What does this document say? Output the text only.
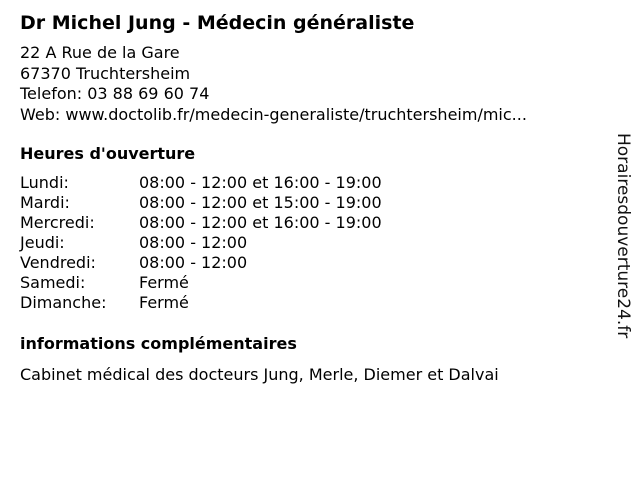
Dr Michel Jung - Médecin généraliste
22 A Rue de la Gare
67370 Truchtersheim
Telefon: 03 88 69 60 74
Web: www.doctolib.fr/medecin-generaliste/truchtersheim/mic...
Heures d'ouverture
Lundi:	08:00 - 12:00 et 16:00 - 19:00
Mardi:	08:00 - 12:00 et 15:00 - 19:00
Mercredi:	08:00 - 12:00 et 16:00 - 19:00
Jeudi:	08:00 - 12:00
Vendredi:	08:00 - 12:00
Samedi:	Fermé
Dimanche:	Fermé
informations complémentaires
Cabinet médical des docteurs Jung, Merle, Diemer et Dalvai
Horairesdouverture24.fr
